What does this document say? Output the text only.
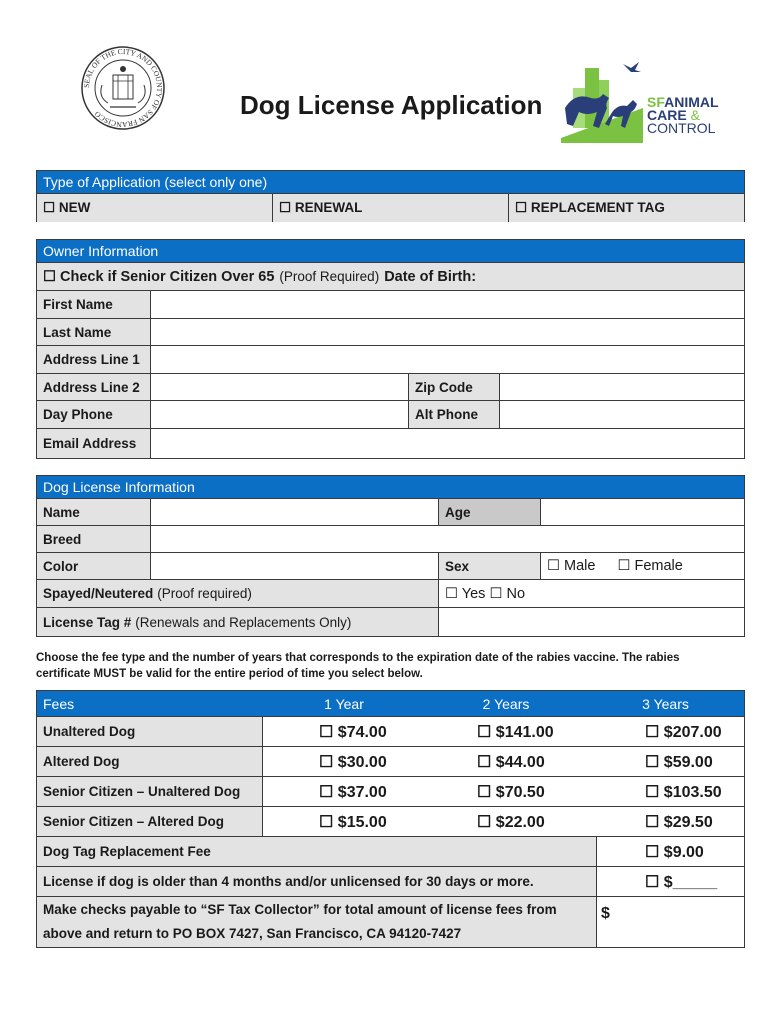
SEAL OF THE CITY AND COUNTY OF SAN FRANCISCO	Dog License Application	SFANIMAL
CARE &
CONTROL
Type of Application (select only one)
☐ NEW	☐ RENEWAL	☐ REPLACEMENT TAG
Owner Information
☐ Check if Senior Citizen Over 65 (Proof Required) Date of Birth:
First Name
Last Name
Address Line 1
Address Line 2	Zip Code
Day Phone	Alt Phone
Email Address
Dog License Information
Name	Age
Breed
Color	Sex	☐ Male ☐ Female
Spayed/Neutered (Proof required)	☐ Yes ☐ No
License Tag # (Renewals and Replacements Only)
Choose the fee type and the number of years that corresponds to the expiration date of the rabies vaccine. The rabies certificate MUST be valid for the entire period of time you select below.
Fees	1 Year	2 Years	3 Years
Unaltered Dog	☐ $74.00	☐ $141.00	☐ $207.00
Altered Dog	☐ $30.00	☐ $44.00	☐ $59.00
Senior Citizen – Unaltered Dog	☐ $37.00	☐ $70.50	☐ $103.50
Senior Citizen – Altered Dog	☐ $15.00	☐ $22.00	☐ $29.50
Dog Tag Replacement Fee	☐ $9.00
License if dog is older than 4 months and/or unlicensed for 30 days or more.	☐ $_____
Make checks payable to “SF Tax Collector” for total amount of license fees from
above and return to PO BOX 7427, San Francisco, CA 94120-7427
$
